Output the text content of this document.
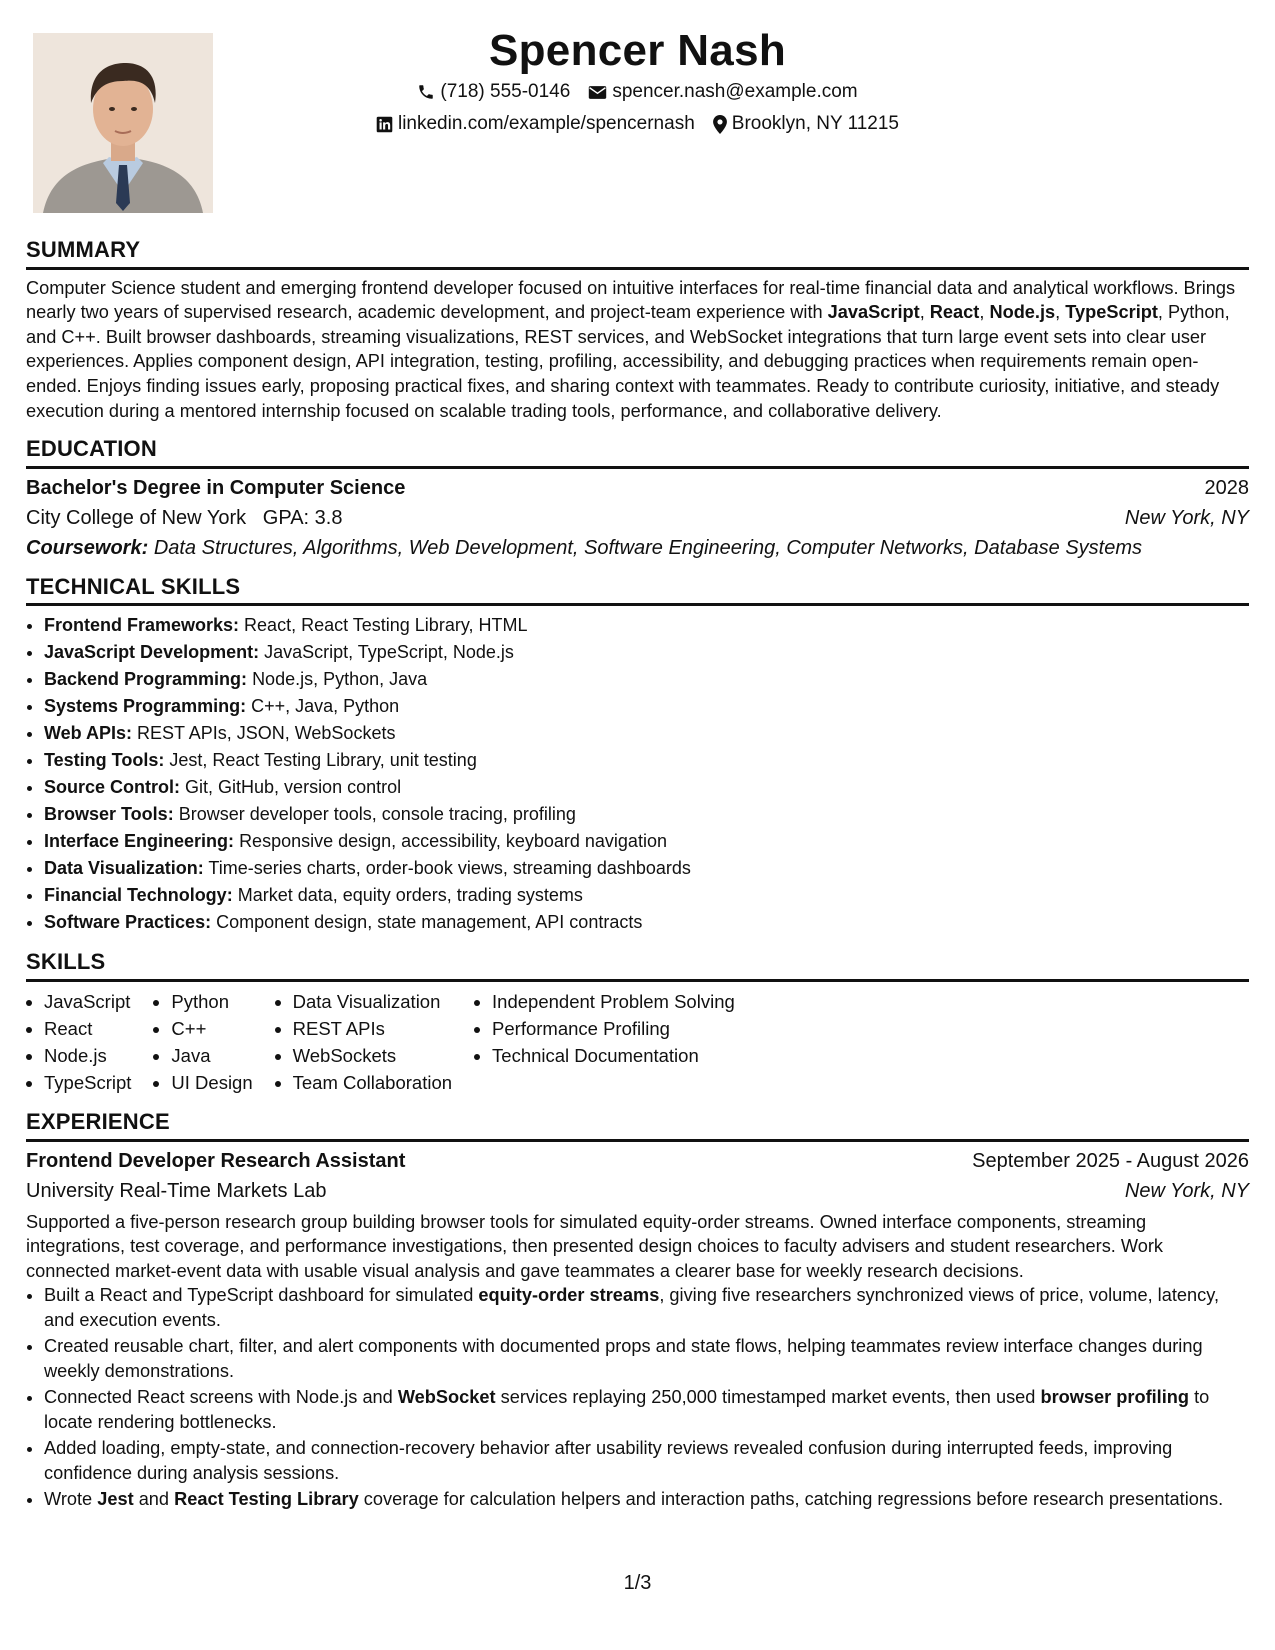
Spencer Nash
(718) 555-0146 spencer.nash@example.com
linkedin.com/example/spencernash Brooklyn, NY 11215
SUMMARY

Computer Science student and emerging frontend developer focused on intuitive interfaces for real-time financial data and analytical workflows. Brings nearly two years of supervised research, academic development, and project-team experience with JavaScript, React, Node.js, TypeScript, Python, and C++. Built browser dashboards, streaming visualizations, REST services, and WebSocket integrations that turn large event sets into clear user experiences. Applies component design, API integration, testing, profiling, accessibility, and debugging practices when requirements remain open-ended. Enjoys finding issues early, proposing practical fixes, and sharing context with teammates. Ready to contribute curiosity, initiative, and steady execution during a mentored internship focused on scalable trading tools, performance, and collaborative delivery.

EDUCATION
Bachelor's Degree in Computer Science	2028
City College of New York GPA: 3.8	New York, NY
Coursework: Data Structures, Algorithms, Web Development, Software Engineering, Computer Networks, Database Systems
TECHNICAL SKILLS
• Frontend Frameworks: React, React Testing Library, HTML
• JavaScript Development: JavaScript, TypeScript, Node.js
• Backend Programming: Node.js, Python, Java
• Systems Programming: C++, Java, Python
• Web APIs: REST APIs, JSON, WebSockets
• Testing Tools: Jest, React Testing Library, unit testing
• Source Control: Git, GitHub, version control
• Browser Tools: Browser developer tools, console tracing, profiling
• Interface Engineering: Responsive design, accessibility, keyboard navigation
• Data Visualization: Time-series charts, order-book views, streaming dashboards
• Financial Technology: Market data, equity orders, trading systems
• Software Practices: Component design, state management, API contracts
SKILLS
• JavaScript
• React
• Node.js
• TypeScript
• Python
• C++
• Java
• UI Design
• Data Visualization
• REST APIs
• WebSockets
• Team Collaboration
• Independent Problem Solving
• Performance Profiling
• Technical Documentation
EXPERIENCE
Frontend Developer Research Assistant	September 2025 - August 2026
University Real-Time Markets Lab	New York, NY

Supported a five-person research group building browser tools for simulated equity-order streams. Owned interface components, streaming integrations, test coverage, and performance investigations, then presented design choices to faculty advisers and student researchers. Work connected market-event data with usable visual analysis and gave teammates a clearer base for weekly research decisions.

• Built a React and TypeScript dashboard for simulated equity-order streams, giving five researchers synchronized views of price, volume, latency, and execution events.
• Created reusable chart, filter, and alert components with documented props and state flows, helping teammates review interface changes during weekly demonstrations.
• Connected React screens with Node.js and WebSocket services replaying 250,000 timestamped market events, then used browser profiling to locate rendering bottlenecks.
• Added loading, empty-state, and connection-recovery behavior after usability reviews revealed confusion during interrupted feeds, improving confidence during analysis sessions.
• Wrote Jest and React Testing Library coverage for calculation helpers and interaction paths, catching regressions before research presentations.
1/3
